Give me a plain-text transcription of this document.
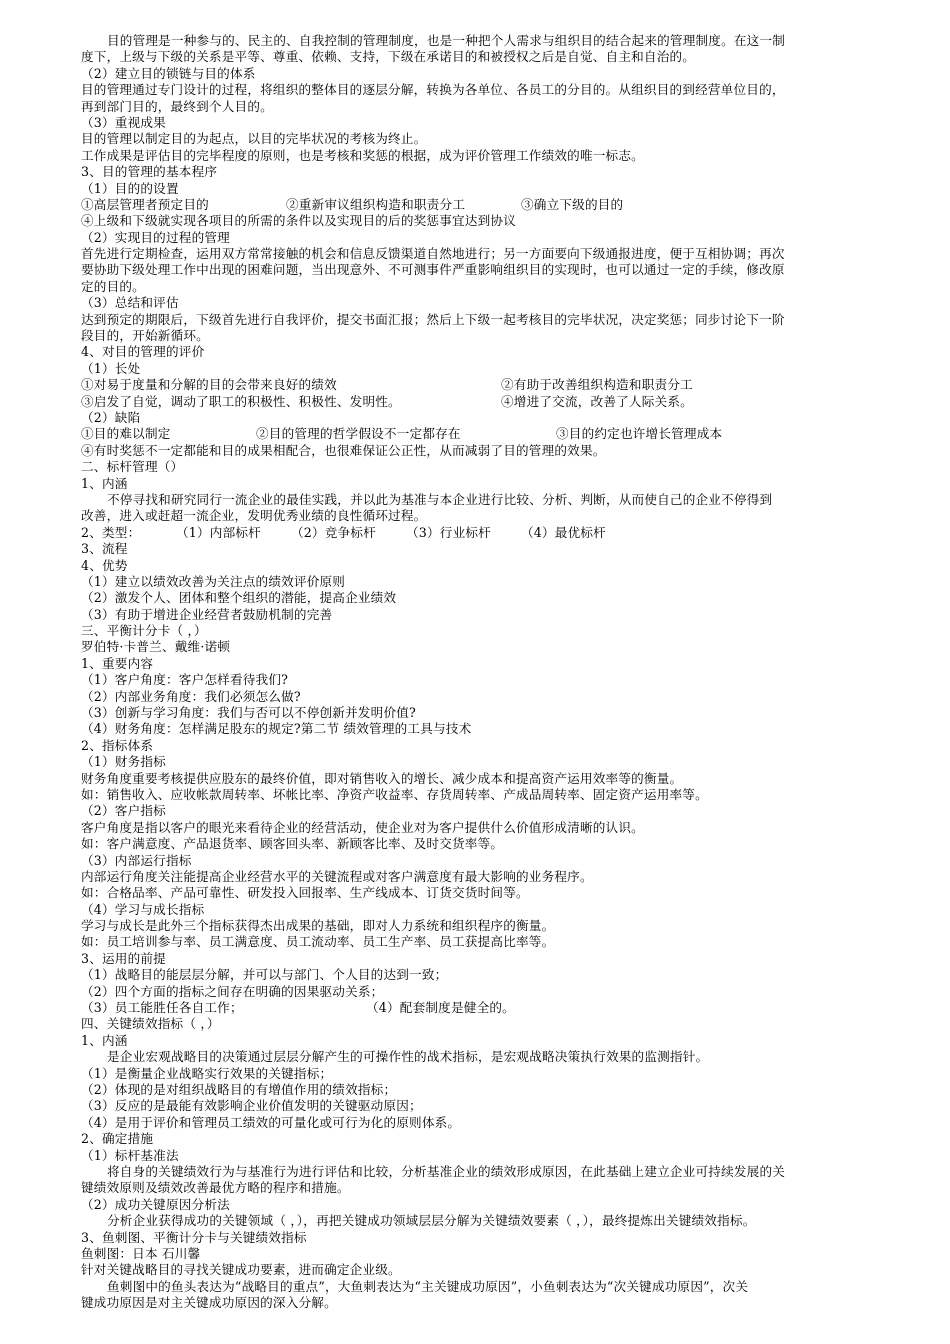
目的管理是一种参与的、民主的、自我控制的管理制度，也是一种把个人需求与组织目的结合起来的管理制度。在这一制
度下，上级与下级的关系是平等、尊重、依赖、支持，下级在承诺目的和被授权之后是自觉、自主和自治的。
（2）建立目的锁链与目的体系
目的管理通过专门设计的过程，将组织的整体目的逐层分解，转换为各单位、各员工的分目的。从组织目的到经营单位目的，
再到部门目的，最终到个人目的。
（3）重视成果
目的管理以制定目的为起点，以目的完毕状况的考核为终止。
工作成果是评估目的完毕程度的原则，也是考核和奖惩的根据，成为评价管理工作绩效的唯一标志。
3、目的管理的基本程序
（1）目的的设置
①高层管理者预定目的	②重新审议组织构造和职责分工	③确立下级的目的
④上级和下级就实现各项目的所需的条件以及实现目的后的奖惩事宜达到协议
（2）实现目的过程的管理
首先进行定期检查，运用双方常常接触的机会和信息反馈渠道自然地进行；另一方面要向下级通报进度，便于互相协调；再次
要协助下级处理工作中出现的困难问题，当出现意外、不可测事件严重影响组织目的实现时，也可以通过一定的手续，修改原
定的目的。
（3）总结和评估
达到预定的期限后，下级首先进行自我评价，提交书面汇报；然后上下级一起考核目的完毕状况，决定奖惩；同步讨论下一阶
段目的，开始新循环。
4、对目的管理的评价
（1）长处
①对易于度量和分解的目的会带来良好的绩效	②有助于改善组织构造和职责分工
③启发了自觉，调动了职工的积极性、积极性、发明性。	④增进了交流，改善了人际关系。
（2）缺陷
①目的难以制定	②目的管理的哲学假设不一定都存在	③目的约定也许增长管理成本
④有时奖惩不一定都能和目的成果相配合，也很难保证公正性，从而减弱了目的管理的效果。
二、标杆管理（）
1、内涵
不停寻找和研究同行一流企业的最佳实践，并以此为基准与本企业进行比较、分析、判断，从而使自己的企业不停得到
改善，进入或赶超一流企业，发明优秀业绩的良性循环过程。
2、类型：	（1）内部标杆	（2）竞争标杆	（3）行业标杆	（4）最优标杆
3、流程
4、优势
（1）建立以绩效改善为关注点的绩效评价原则
（2）激发个人、团体和整个组织的潜能，提高企业绩效
（3）有助于增进企业经营者鼓励机制的完善
三、平衡计分卡（ ，）
罗伯特·卡普兰、戴维·诺顿
1、重要内容
（1）客户角度：客户怎样看待我们?
（2）内部业务角度：我们必须怎么做?
（3）创新与学习角度：我们与否可以不停创新并发明价值?
（4）财务角度：怎样满足股东的规定?第二节 绩效管理的工具与技术
2、指标体系
（1）财务指标
财务角度重要考核提供应股东的最终价值，即对销售收入的增长、减少成本和提高资产运用效率等的衡量。
如：销售收入、应收帐款周转率、坏帐比率、净资产收益率、存货周转率、产成品周转率、固定资产运用率等。
（2）客户指标
客户角度是指以客户的眼光来看待企业的经营活动，使企业对为客户提供什么价值形成清晰的认识。
如：客户满意度、产品退货率、顾客回头率、新顾客比率、及时交货率等。
（3）内部运行指标
内部运行角度关注能提高企业经营水平的关键流程或对客户满意度有最大影响的业务程序。
如：合格品率、产品可靠性、研发投入回报率、生产线成本、订货交货时间等。
（4）学习与成长指标
学习与成长是此外三个指标获得杰出成果的基础，即对人力系统和组织程序的衡量。
如：员工培训参与率、员工满意度、员工流动率、员工生产率、员工获提高比率等。
3、运用的前提
（1）战略目的能层层分解，并可以与部门、个人目的达到一致；
（2）四个方面的指标之间存在明确的因果驱动关系；
（3）员工能胜任各自工作；	（4）配套制度是健全的。
四、关键绩效指标（ ，）
1、内涵
是企业宏观战略目的决策通过层层分解产生的可操作性的战术指标，是宏观战略决策执行效果的监测指针。
（1）是衡量企业战略实行效果的关键指标；
（2）体现的是对组织战略目的有增值作用的绩效指标；
（3）反应的是最能有效影响企业价值发明的关键驱动原因；
（4）是用于评价和管理员工绩效的可量化或可行为化的原则体系。
2、确定措施
（1）标杆基准法
将自身的关键绩效行为与基准行为进行评估和比较，分析基准企业的绩效形成原因，在此基础上建立企业可持续发展的关
键绩效原则及绩效改善最优方略的程序和措施。
（2）成功关键原因分析法
分析企业获得成功的关键领域（ ，），再把关键成功领域层层分解为关键绩效要素（ ，），最终提炼出关键绩效指标。
3、鱼刺图、平衡计分卡与关键绩效指标
鱼刺图：日本 石川馨
针对关键战略目的寻找关键成功要素，进而确定企业级。
鱼刺图中的鱼头表达为“战略目的重点”，大鱼刺表达为“主关键成功原因”，小鱼刺表达为“次关键成功原因”，次关
键成功原因是对主关键成功原因的深入分解。
